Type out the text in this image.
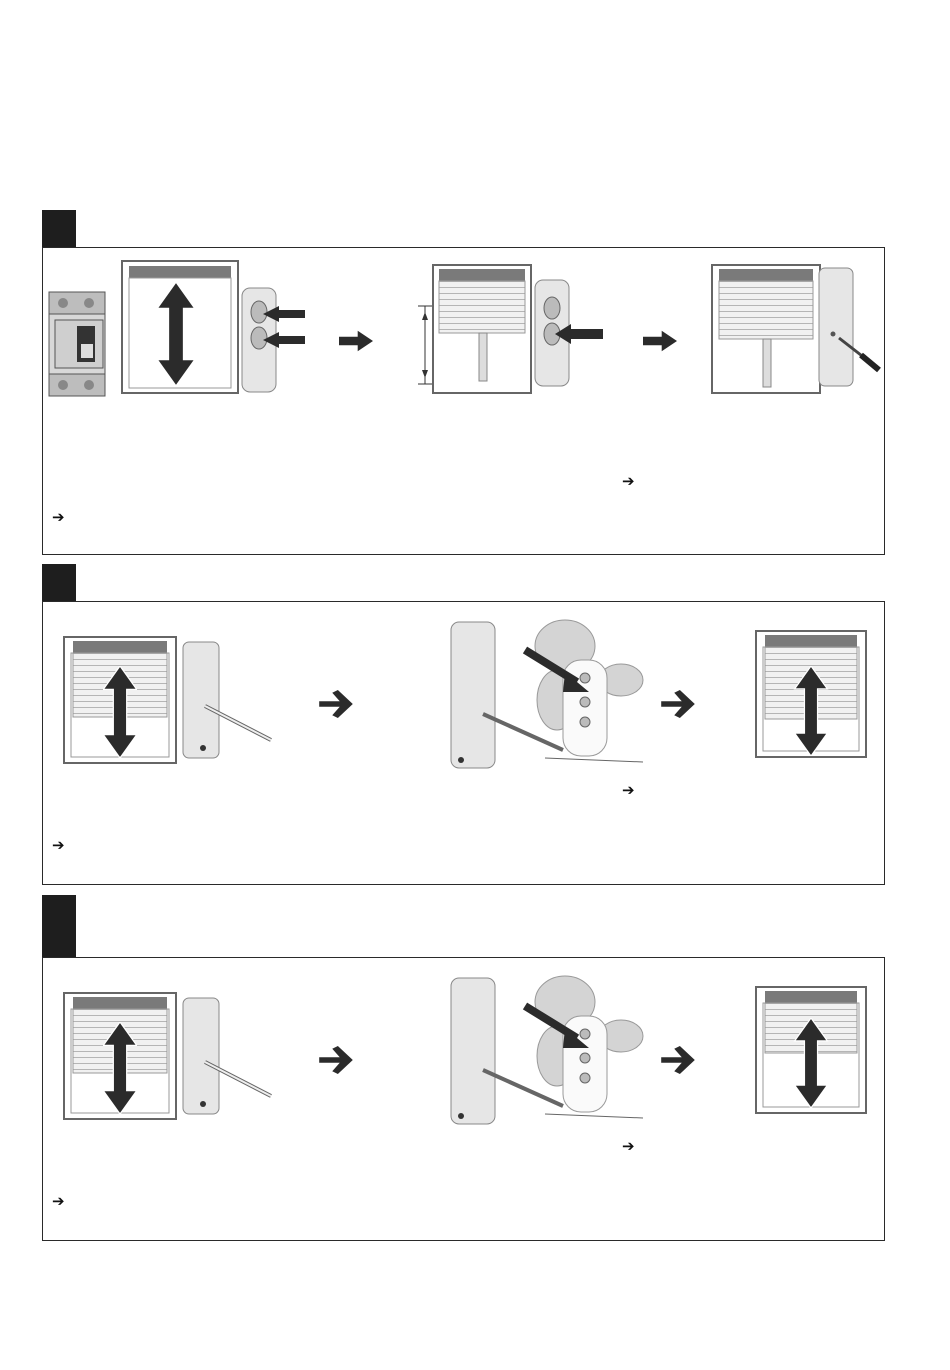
➔
➔
➔
➔
➔
➔
